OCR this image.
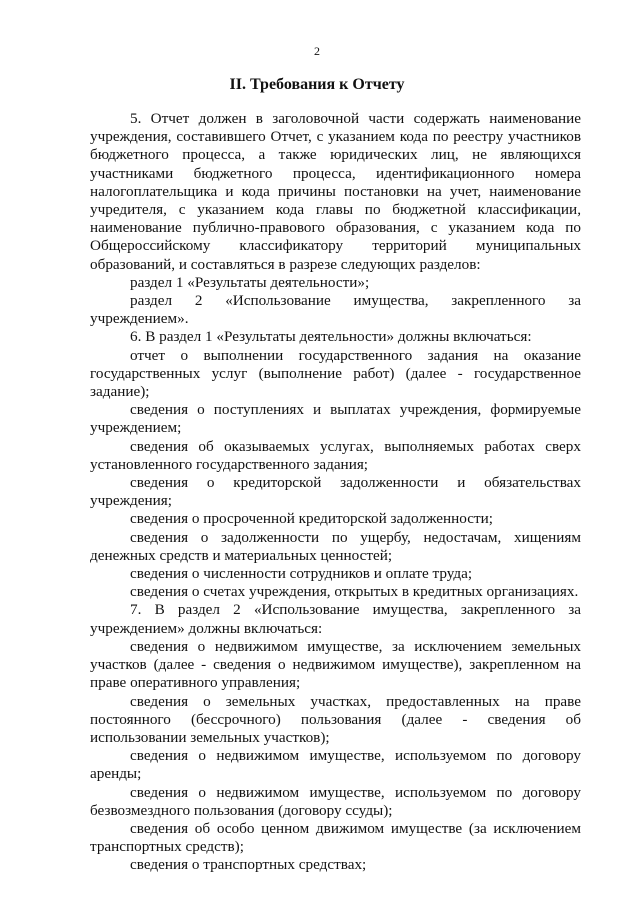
2
II. Требования к Отчету

5. Отчет должен в заголовочной части содержать наименование учреждения, составившего Отчет, с указанием кода по реестру участников бюджетного процесса, а также юридических лиц, не являющихся участниками бюджетного процесса, идентификационного номера налогоплательщика и кода причины постановки на учет, наименование учредителя, с указанием кода главы по бюджетной классификации, наименование публично-правового образования, с указанием кода по Общероссийскому классификатору территорий муниципальных образований, и составляться в разрезе следующих разделов:

раздел 1 «Результаты деятельности»;

раздел 2 «Использование имущества, закрепленного за учреждением».

6. В раздел 1 «Результаты деятельности» должны включаться:

отчет о выполнении государственного задания на оказание государственных услуг (выполнение работ) (далее - государственное задание);

сведения о поступлениях и выплатах учреждения, формируемые учреждением;

сведения об оказываемых услугах, выполняемых работах сверх установленного государственного задания;

сведения о кредиторской задолженности и обязательствах учреждения;

сведения о просроченной кредиторской задолженности;

сведения о задолженности по ущербу, недостачам, хищениям денежных средств и материальных ценностей;

сведения о численности сотрудников и оплате труда;

сведения о счетах учреждения, открытых в кредитных организациях.

7. В раздел 2 «Использование имущества, закрепленного за учреждением» должны включаться:

сведения о недвижимом имуществе, за исключением земельных участков (далее - сведения о недвижимом имуществе), закрепленном на праве оперативного управления;

сведения о земельных участках, предоставленных на праве постоянного (бессрочного) пользования (далее - сведения об использовании земельных участков);

сведения о недвижимом имуществе, используемом по договору аренды;

сведения о недвижимом имуществе, используемом по договору безвозмездного пользования (договору ссуды);

сведения об особо ценном движимом имуществе (за исключением транспортных средств);

сведения о транспортных средствах;
